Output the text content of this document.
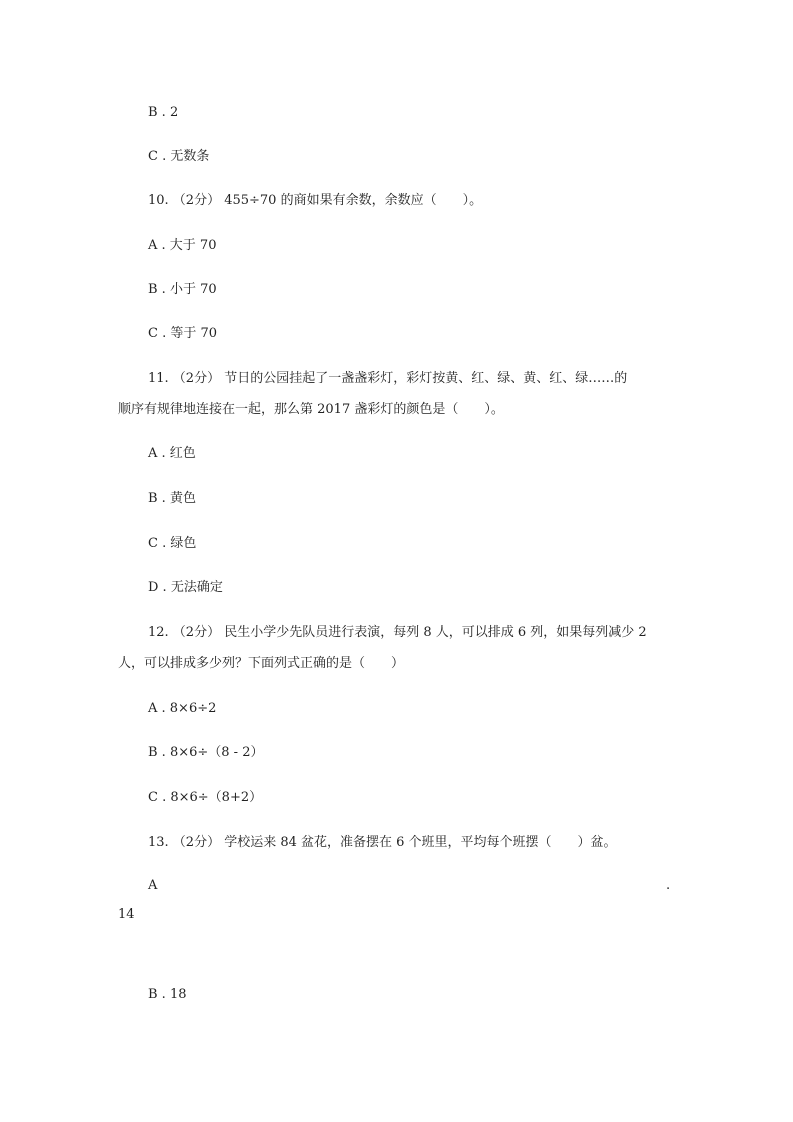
B . 2
C . 无数条
10. （2分） 455÷70 的商如果有余数，余数应（　　）。
A . 大于 70
B . 小于 70
C . 等于 70
11. （2分） 节日的公园挂起了一盏盏彩灯，彩灯按黄、红、绿、黄、红、绿……的
顺序有规律地连接在一起，那么第 2017 盏彩灯的颜色是（　　）。
A . 红色
B . 黄色
C . 绿色
D . 无法确定
12. （2分） 民生小学少先队员进行表演，每列 8 人，可以排成 6 列，如果每列减少 2
人，可以排成多少列？下面列式正确的是（　　）
A . 8×6÷2
B . 8×6÷（8 - 2）
C . 8×6÷（8+2）
13. （2分） 学校运来 84 盆花，准备摆在 6 个班里，平均每个班摆（　　）盆。
A	.
14
B . 18
